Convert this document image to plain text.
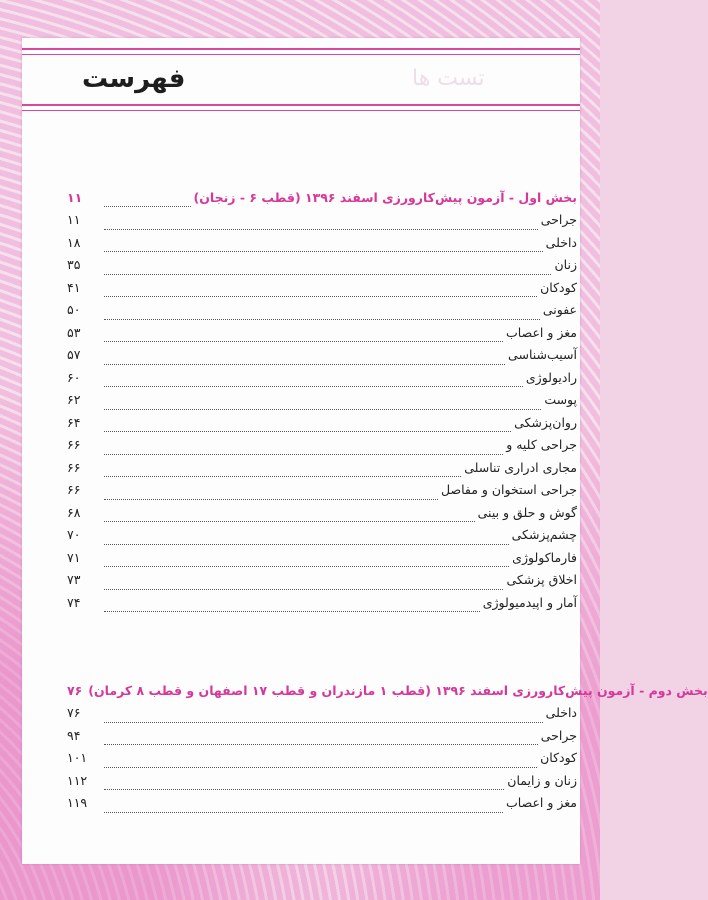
تست ها
فهرست
۱۱	بخش اول - آزمون پیش‌کارورزی اسفند ۱۳۹۶ (قطب ۶ - زنجان)
۱۱	جراحی
۱۸	داخلی
۳۵	زنان
۴۱	کودکان
۵۰	عفونی
۵۳	مغز و اعصاب
۵۷	آسیب‌شناسی
۶۰	رادیولوژی
۶۲	پوست
۶۴	روان‌پزشکی
۶۶	جراحی کلیه و
۶۶	مجاری ادراری تناسلی
۶۶	جراحی استخوان و مفاصل
۶۸	گوش و حلق و بینی
۷۰	چشم‌پزشکی
۷۱	فارماکولوژی
۷۳	اخلاق پزشکی
۷۴	آمار و اپیدمیولوژی
۷۶ بخش دوم - آزمون پیش‌کارورزی اسفند ۱۳۹۶ (قطب ۱ مازندران و قطب ۱۷ اصفهان و قطب ۸ کرمان)
۷۶	داخلی
۹۴	جراحی
۱۰۱	کودکان
۱۱۲	زنان و زایمان
۱۱۹	مغز و اعصاب
